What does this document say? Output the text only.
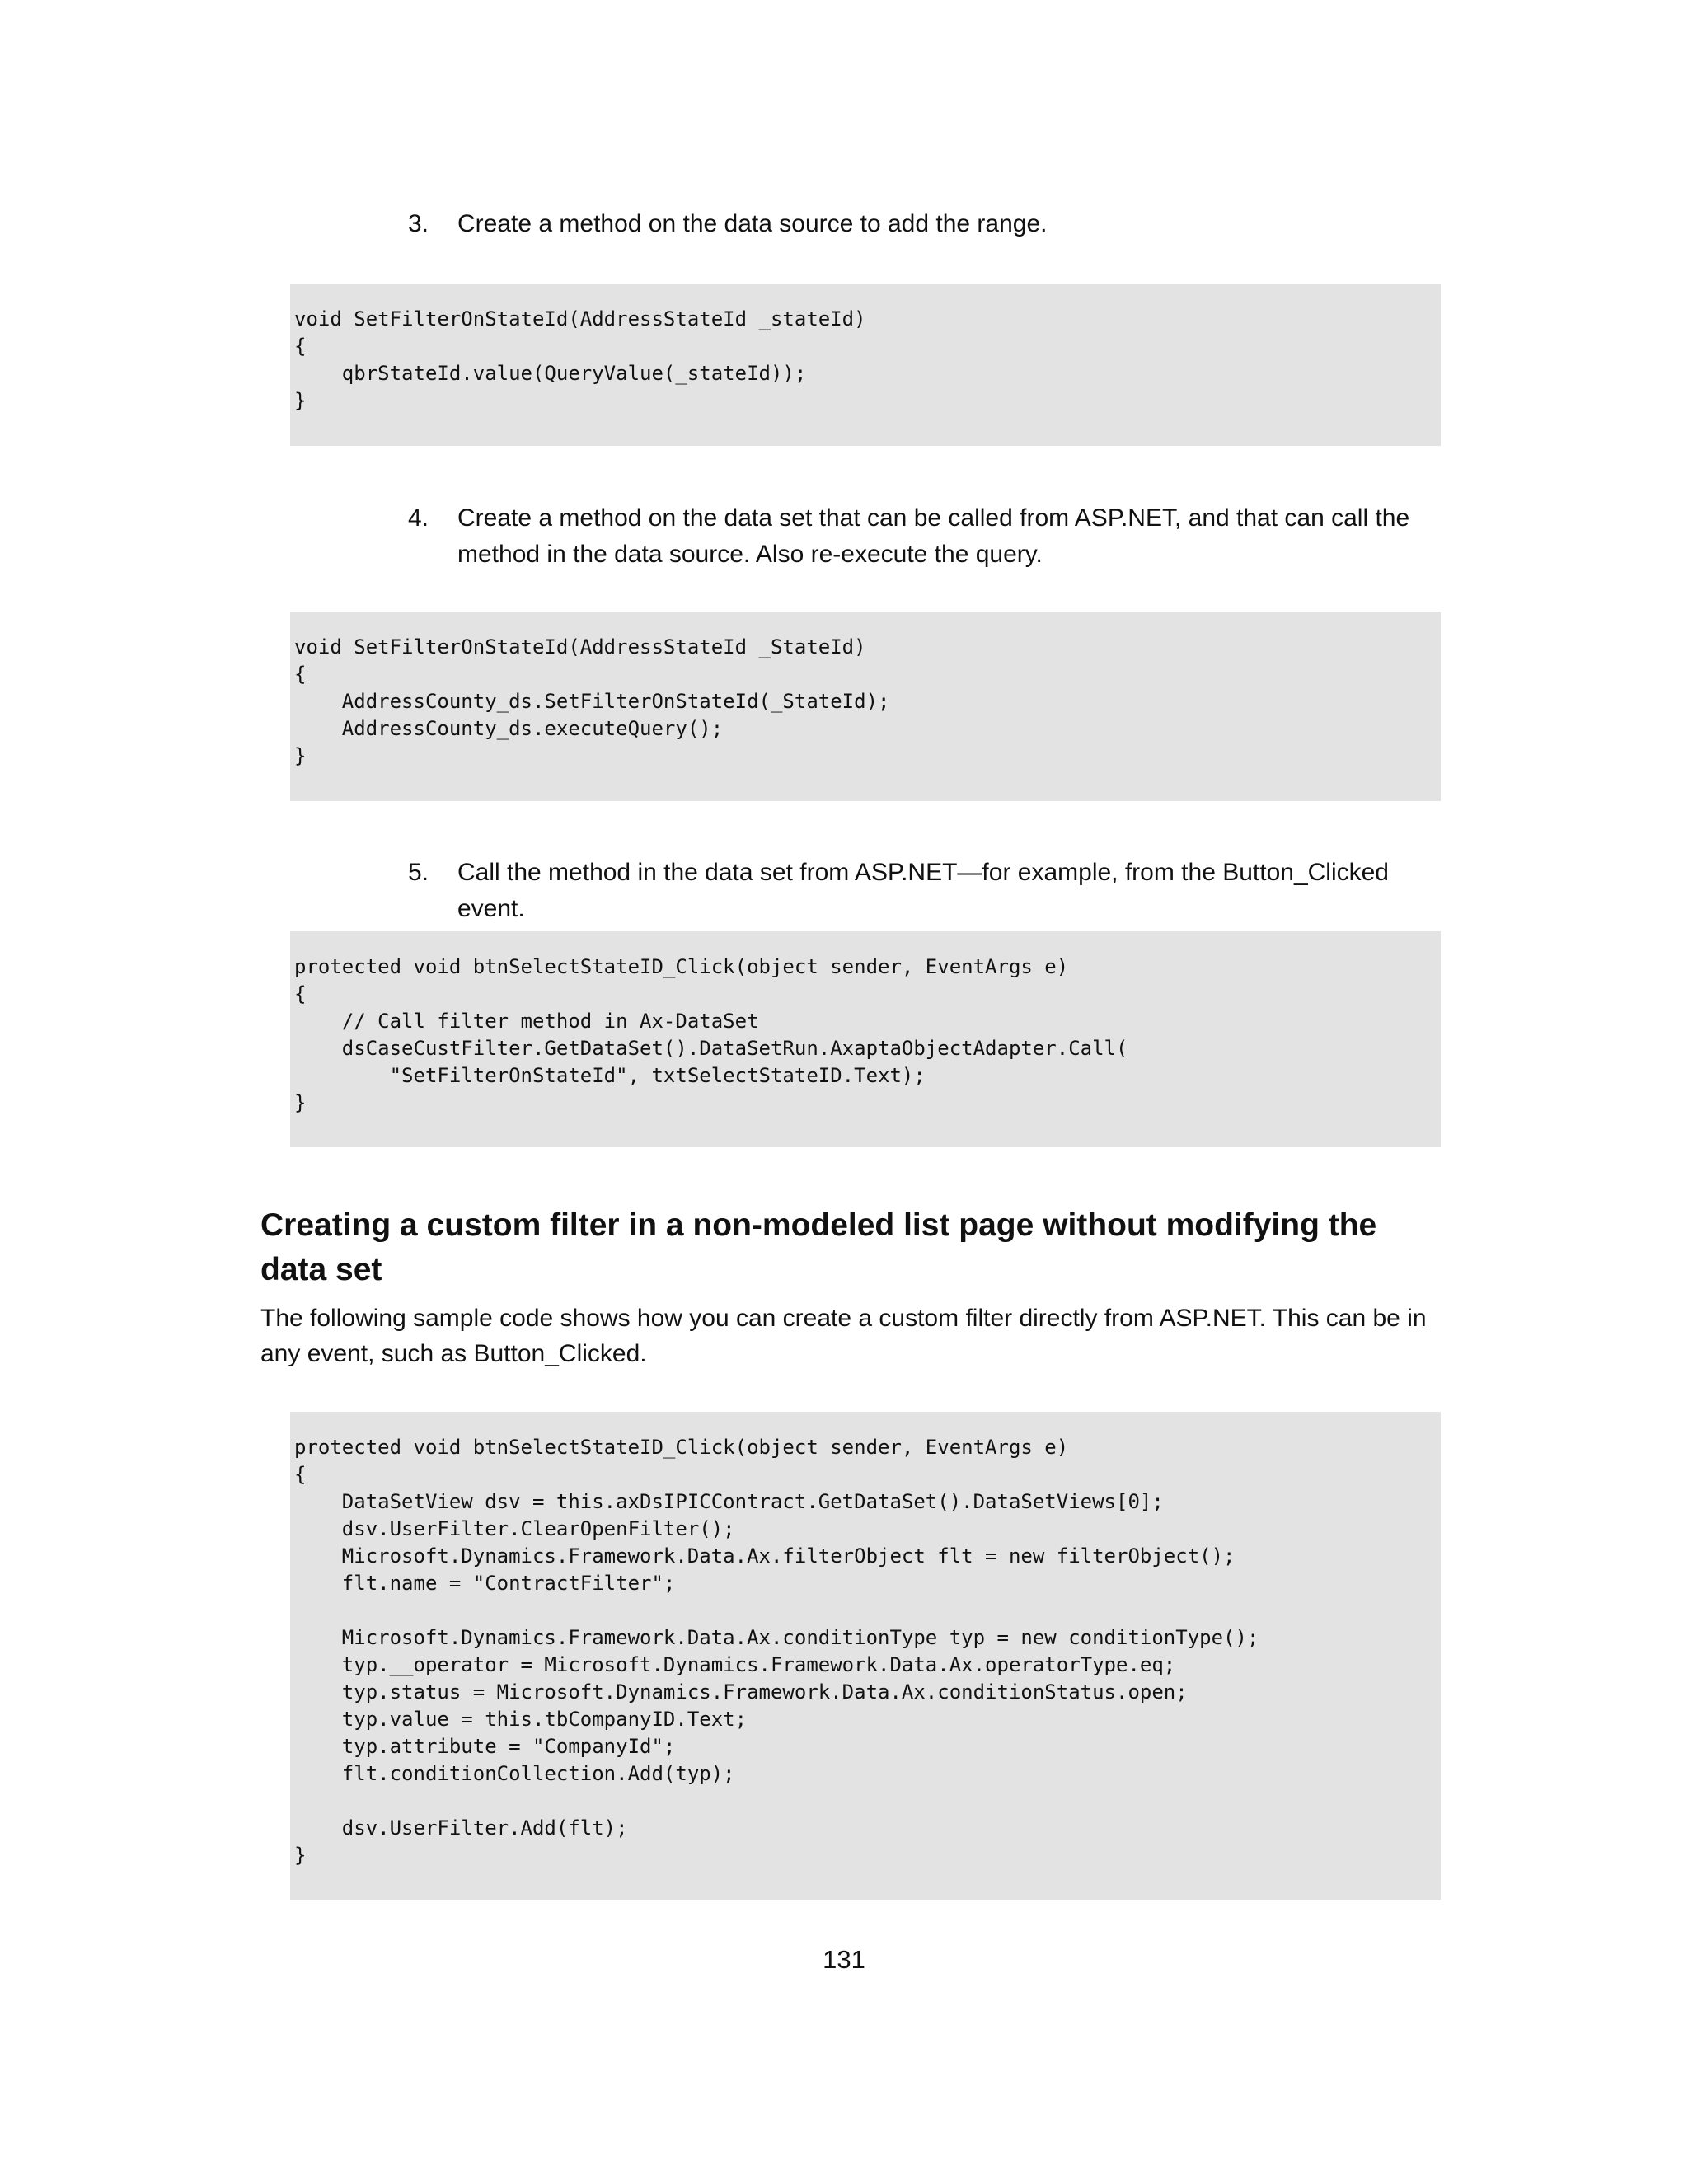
3.	Create a method on the data source to add the range.
void SetFilterOnStateId(AddressStateId _stateId)
{
qbrStateId.value(QueryValue(_stateId));
}
4.	Create a method on the data set that can be called from ASP.NET, and that can call the method in the data source. Also re-execute the query.
void SetFilterOnStateId(AddressStateId _StateId)
{
AddressCounty_ds.SetFilterOnStateId(_StateId);
AddressCounty_ds.executeQuery();
}
5.	Call the method in the data set from ASP.NET—for example, from the Button_Clicked event.
protected void btnSelectStateID_Click(object sender, EventArgs e)
{
// Call filter method in Ax-DataSet
dsCaseCustFilter.GetDataSet().DataSetRun.AxaptaObjectAdapter.Call(
"SetFilterOnStateId", txtSelectStateID.Text);
}
Creating a custom filter in a non-modeled list page without modifying the data set

The following sample code shows how you can create a custom filter directly from ASP.NET. This can be in any event, such as Button_Clicked.

protected void btnSelectStateID_Click(object sender, EventArgs e)
{
DataSetView dsv = this.axDsIPICContract.GetDataSet().DataSetViews[0];
dsv.UserFilter.ClearOpenFilter();
Microsoft.Dynamics.Framework.Data.Ax.filterObject flt = new filterObject();
flt.name = "ContractFilter";

Microsoft.Dynamics.Framework.Data.Ax.conditionType typ = new conditionType();
typ.__operator = Microsoft.Dynamics.Framework.Data.Ax.operatorType.eq;
typ.status = Microsoft.Dynamics.Framework.Data.Ax.conditionStatus.open;
typ.value = this.tbCompanyID.Text;
typ.attribute = "CompanyId";
flt.conditionCollection.Add(typ);

dsv.UserFilter.Add(flt);
}
131
